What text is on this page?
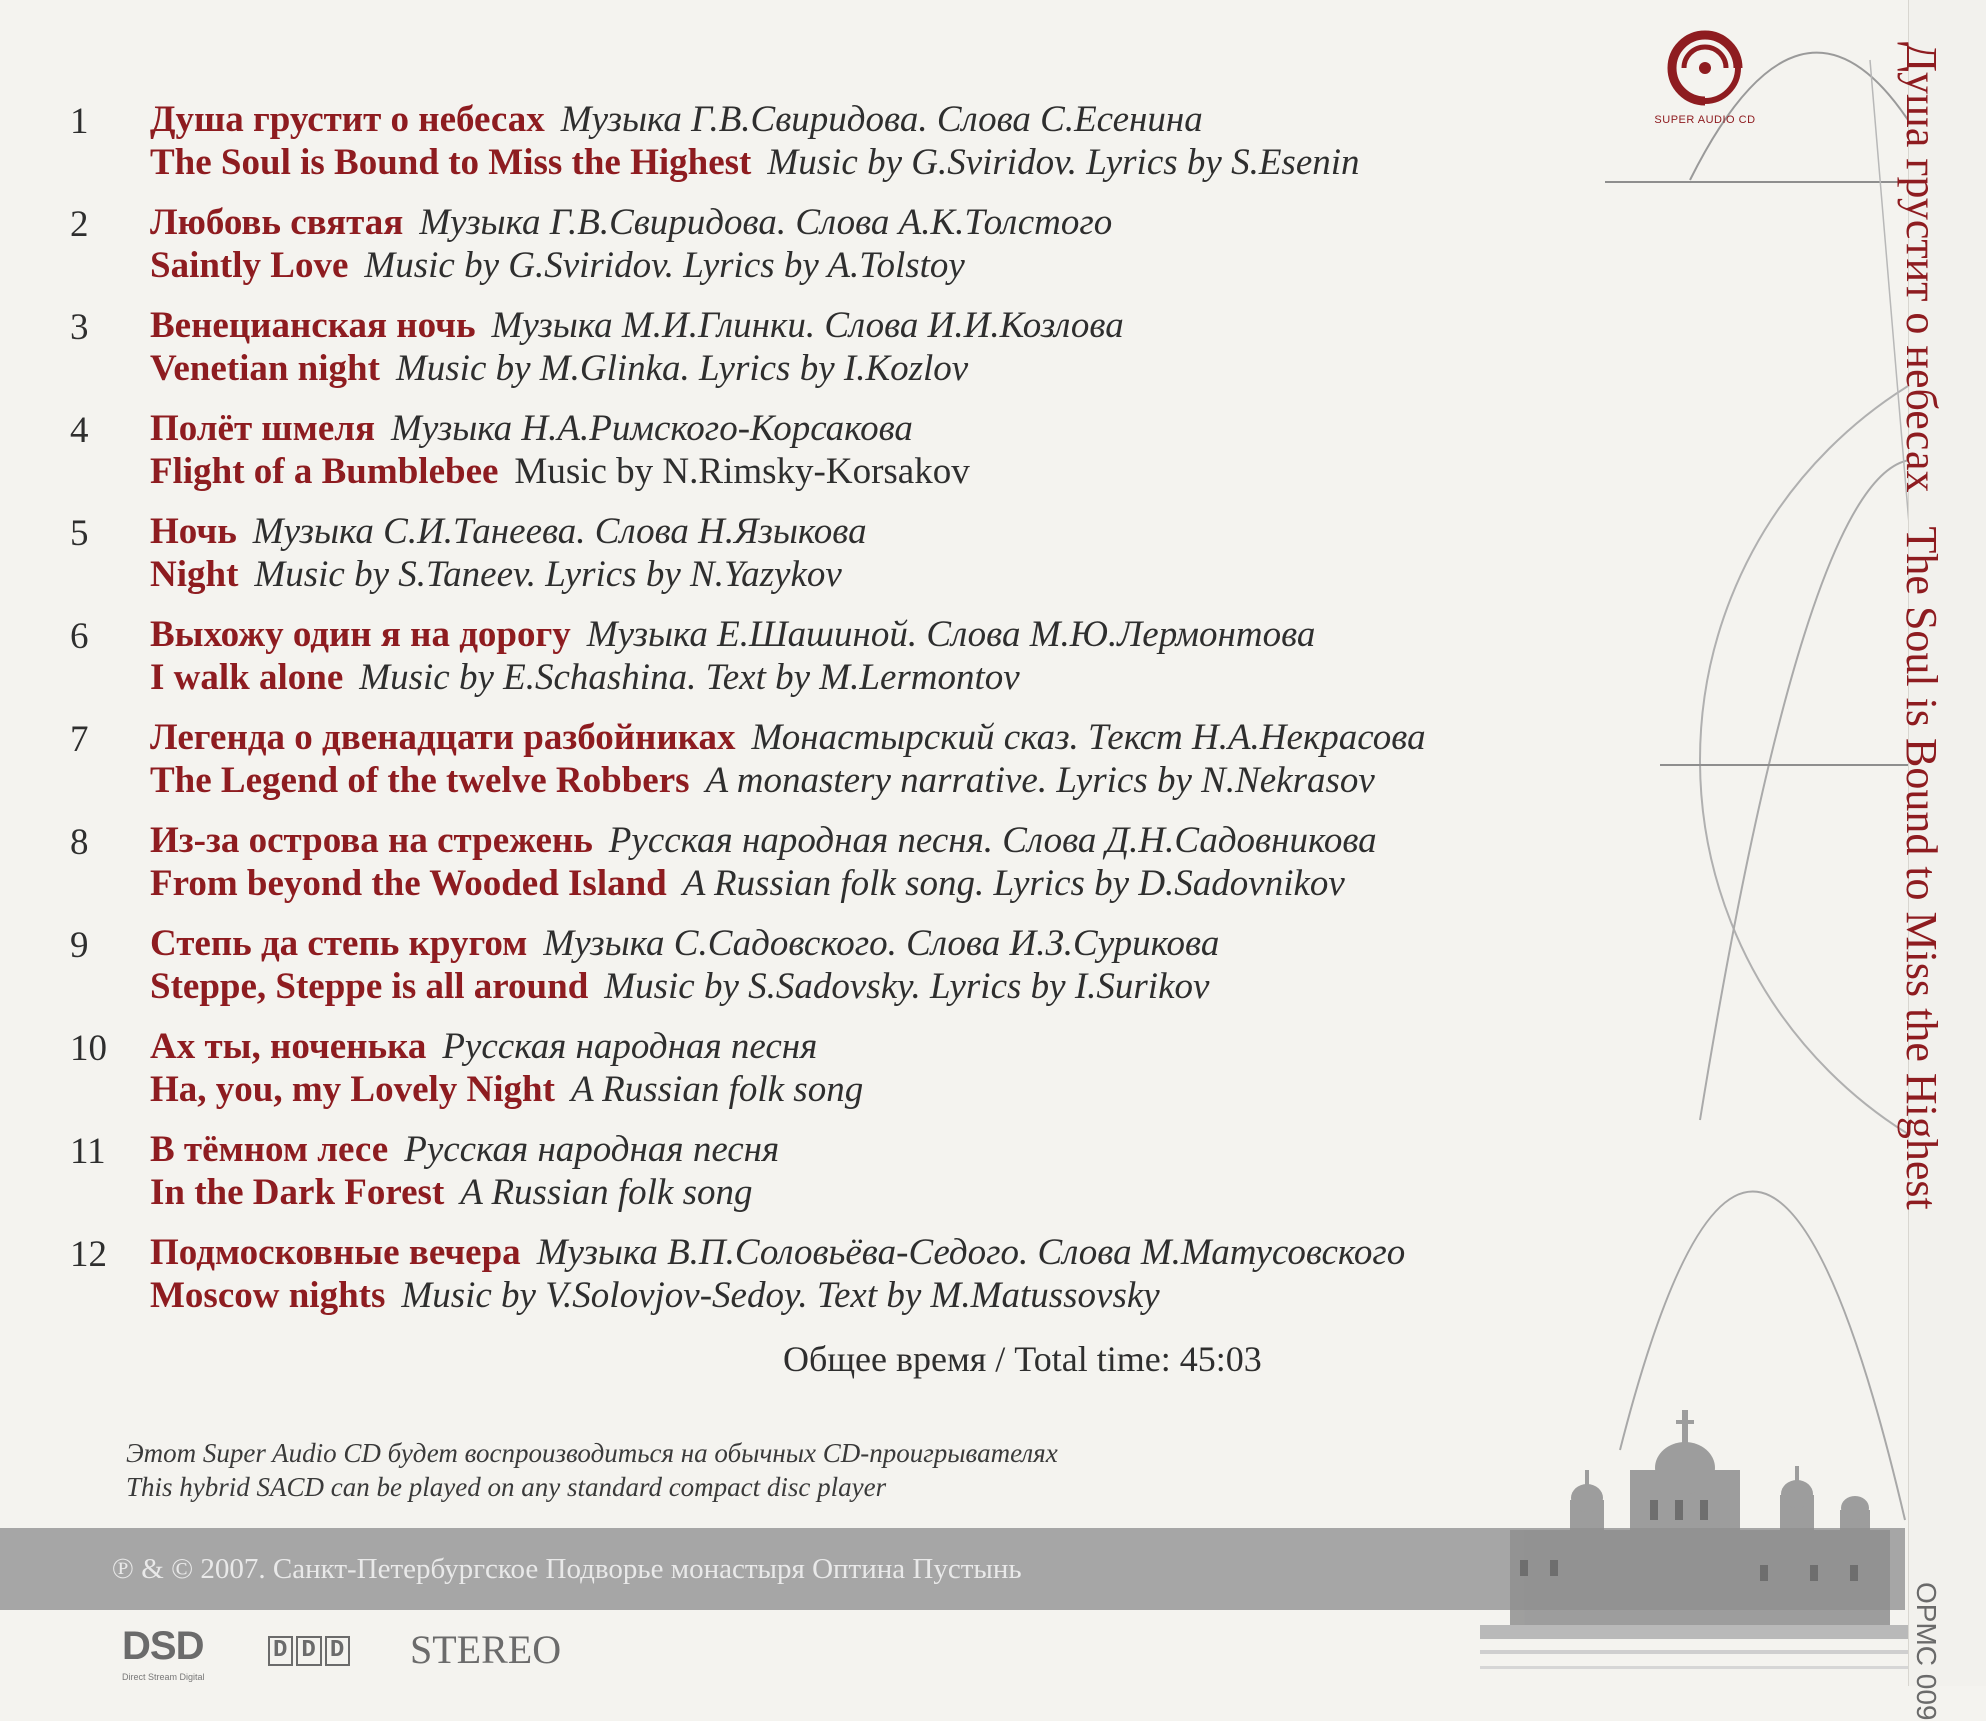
SUPER AUDIO CD
1	Душа грустит о небесах Музыка Г.В.Свиридова. Слова С.Есенина
The Soul is Bound to Miss the Highest Music by G.Sviridov. Lyrics by S.Esenin
2	Любовь святая Музыка Г.В.Свиридова. Слова А.К.Толстого
Saintly Love Music by G.Sviridov. Lyrics by A.Tolstoy
3	Венецианская ночь Музыка М.И.Глинки. Слова И.И.Козлова
Venetian night Music by M.Glinka. Lyrics by I.Kozlov
4	Полёт шмеля Музыка Н.А.Римского-Корсакова
Flight of a Bumblebee Music by N.Rimsky-Korsakov
5	Ночь Музыка С.И.Танеева. Слова Н.Языкова
Night Music by S.Taneev. Lyrics by N.Yazykov
6	Выхожу один я на дорогу Музыка Е.Шашиной. Слова М.Ю.Лермонтова
I walk alone Music by E.Schashina. Text by M.Lermontov
7	Легенда о двенадцати разбойниках Монастырский сказ. Текст Н.А.Некрасова
The Legend of the twelve Robbers A monastery narrative. Lyrics by N.Nekrasov
8	Из-за острова на стрежень Русская народная песня. Слова Д.Н.Садовникова
From beyond the Wooded Island A Russian folk song. Lyrics by D.Sadovnikov
9	Степь да степь кругом Музыка С.Садовского. Слова И.З.Сурикова
Steppe, Steppe is all around Music by S.Sadovsky. Lyrics by I.Surikov
10	Ах ты, ноченька Русская народная песня
Ha, you, my Lovely Night A Russian folk song
11	В тёмном лесе Русская народная песня
In the Dark Forest A Russian folk song
12	Подмосковные вечера Музыка В.П.Соловьёва-Седого. Слова М.Матусовского
Moscow nights Music by V.Solovjov-Sedoy. Text by M.Matussovsky
Общее время / Total time: 45:03
Этот Super Audio CD будет воспроизводиться на обычных CD-проигрывателях
This hybrid SACD can be played on any standard compact disc player
℗ & © 2007. Санкт-Петербургское Подворье монастыря Оптина Пустынь
DSD
Direct Stream Digital
D D D STEREO
Душа грустит о небесахThe Soul is Bound to Miss the Highest
OPMC 009
